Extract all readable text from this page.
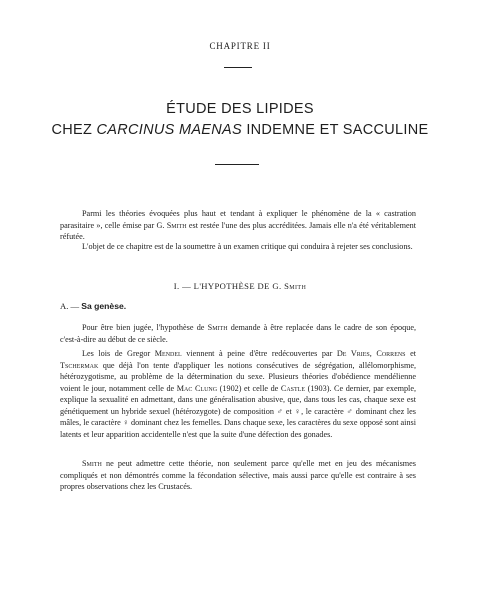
CHAPITRE II
ÉTUDE DES LIPIDES
CHEZ CARCINUS MAENAS INDEMNE ET SACCULINE

Parmi les théories évoquées plus haut et tendant à expliquer le phénomène de la « castration parasitaire », celle émise par G. Smith est restée l'une des plus accréditées. Jamais elle n'a été véritablement réfutée.

L'objet de ce chapitre est de la soumettre à un examen critique qui conduira à rejeter ses conclusions.

I. — L'HYPOTHÈSE DE G. Smith
A. — Sa genèse.

Pour être bien jugée, l'hypothèse de Smith demande à être replacée dans le cadre de son époque, c'est-à-dire au début de ce siècle.

Les lois de Gregor Mendel viennent à peine d'être redécouvertes par De Vries, Correns et Tschermak que déjà l'on tente d'appliquer les notions consécutives de ségrégation, allélomorphisme, hétérozygotisme, au problème de la détermination du sexe. Plusieurs théories d'obédience mendélienne voient le jour, notamment celle de Mac Clung (1902) et celle de Castle (1903). Ce dernier, par exemple, explique la sexualité en admettant, dans une généralisation abusive, que, dans tous les cas, chaque sexe est génétiquement un hybride sexuel (hétérozygote) de composition ♂ et ♀, le caractère ♂ dominant chez les mâles, le caractère ♀ dominant chez les femelles. Dans chaque sexe, les caractères du sexe opposé sont ainsi latents et leur apparition accidentelle n'est que la suite d'une défection des gonades.

Smith ne peut admettre cette théorie, non seulement parce qu'elle met en jeu des mécanismes compliqués et non démontrés comme la fécondation sélective, mais aussi parce qu'elle est contraire à ses propres observations chez les Crustacés.
